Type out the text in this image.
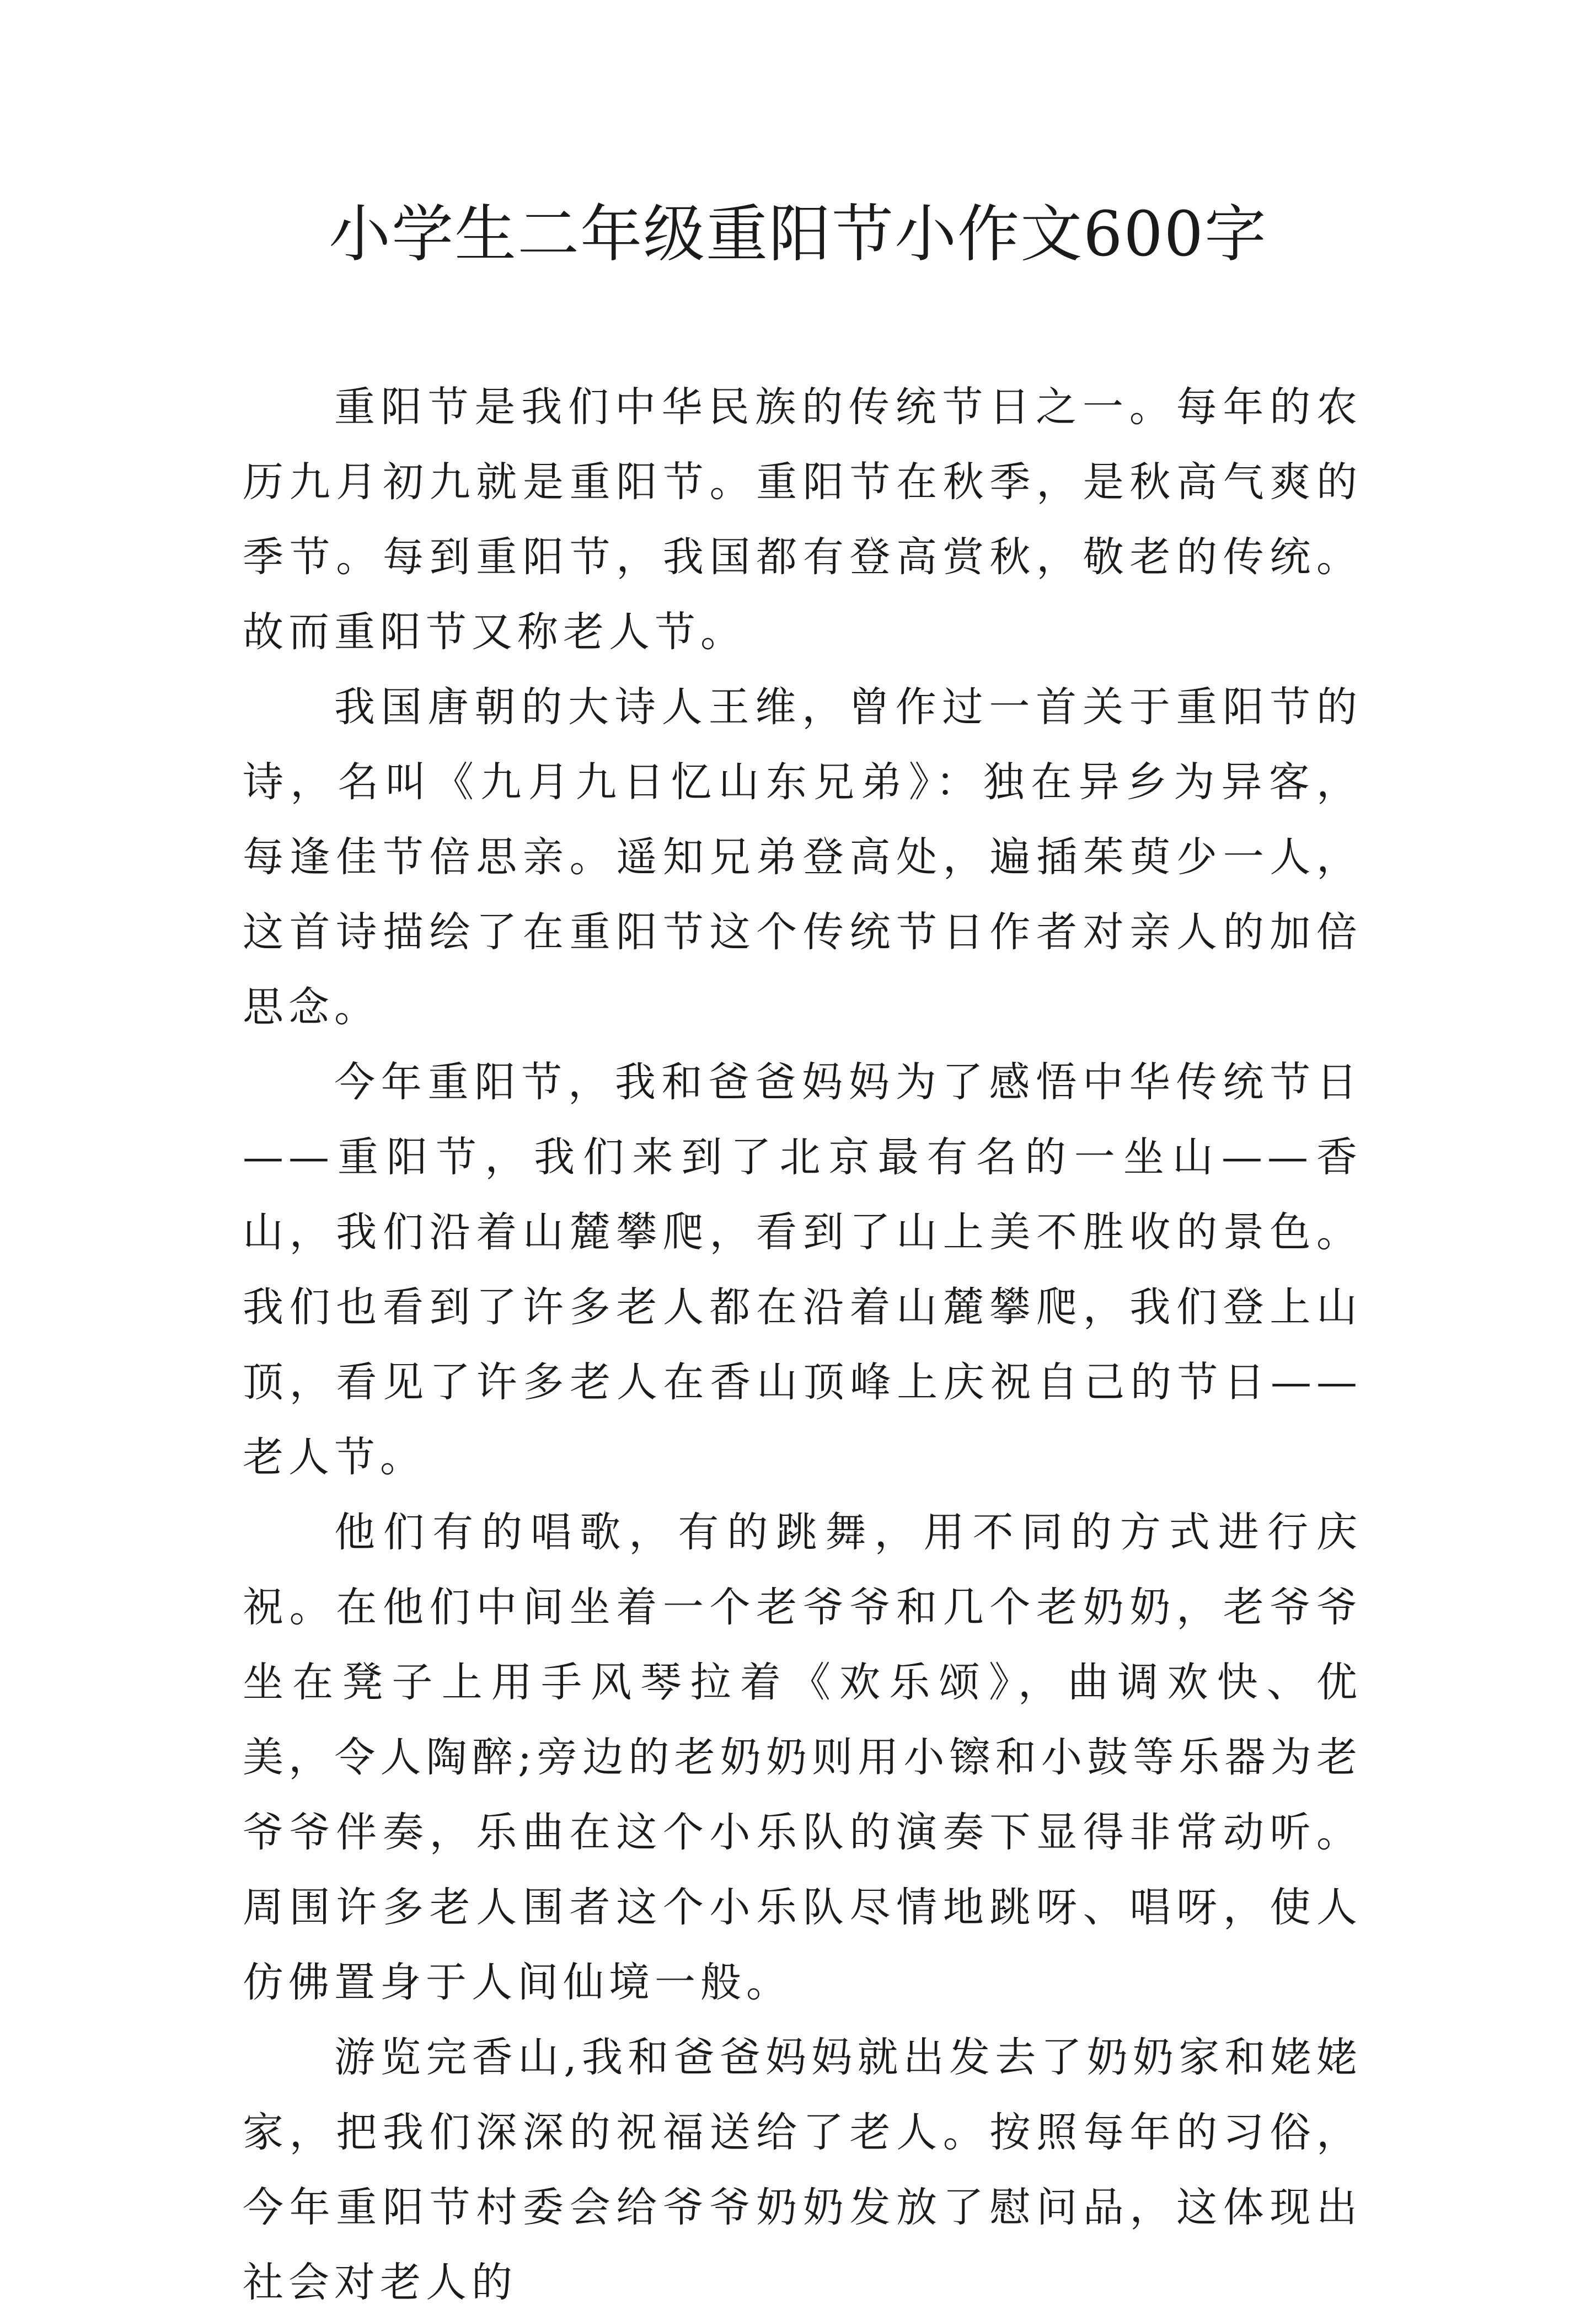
小学生二年级重阳节小作文600字

重阳节是我们中华民族的传统节日之一。每年的农历九月初九就是重阳节。重阳节在秋季，是秋高气爽的季节。每到重阳节，我国都有登高赏秋，敬老的传统。故而重阳节又称老人节。

我国唐朝的大诗人王维，曾作过一首关于重阳节的诗，名叫《九月九日忆山东兄弟》：独在异乡为异客，每逢佳节倍思亲。遥知兄弟登高处，遍插茱萸少一人，这首诗描绘了在重阳节这个传统节日作者对亲人的加倍思念。

今年重阳节，我和爸爸妈妈为了感悟中华传统节日——重阳节，我们来到了北京最有名的一坐山——香山，我们沿着山麓攀爬，看到了山上美不胜收的景色。我们也看到了许多老人都在沿着山麓攀爬，我们登上山顶，看见了许多老人在香山顶峰上庆祝自己的节日——老人节。

他们有的唱歌，有的跳舞，用不同的方式进行庆祝。在他们中间坐着一个老爷爷和几个老奶奶，老爷爷坐在凳子上用手风琴拉着《欢乐颂》，曲调欢快、优美，令人陶醉;旁边的老奶奶则用小镲和小鼓等乐器为老爷爷伴奏，乐曲在这个小乐队的演奏下显得非常动听。周围许多老人围者这个小乐队尽情地跳呀、唱呀，使人仿佛置身于人间仙境一般。

游览完香山,我和爸爸妈妈就出发去了奶奶家和姥姥家，把我们深深的祝福送给了老人。按照每年的习俗，今年重阳节村委会给爷爷奶奶发放了慰问品，这体现出社会对老人的
